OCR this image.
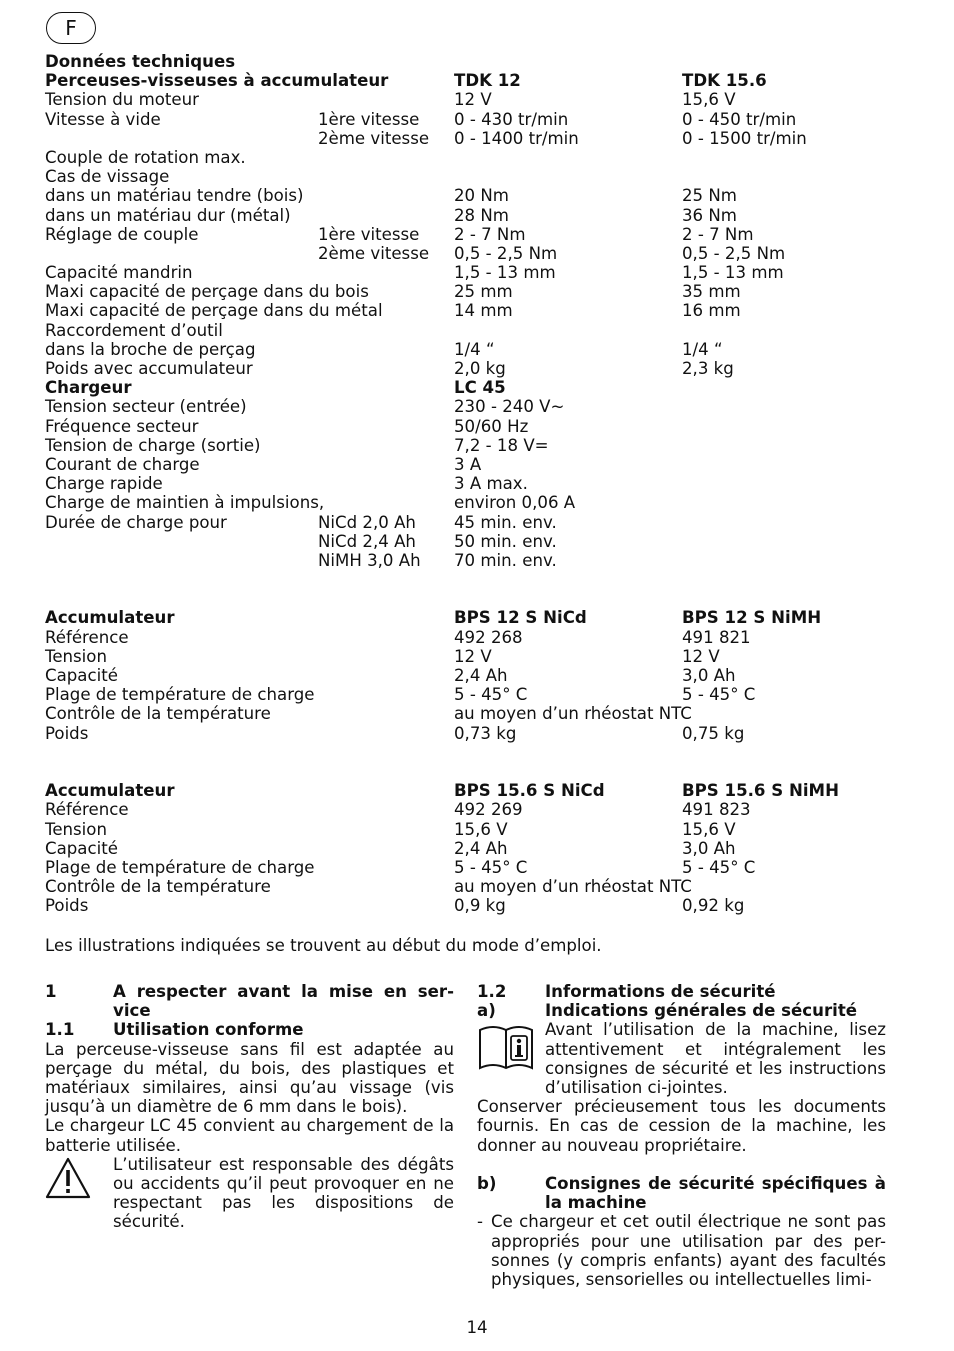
F
Données techniques
Perceuses-visseuses à accumulateur	TDK 12	TDK 15.6
Tension du moteur	12 V	15,6 V
Vitesse à vide	1ère vitesse 0 - 430 tr/min	0 - 450 tr/min
2ème vitesse 0 - 1400 tr/min	0 - 1500 tr/min
Couple de rotation max.
Cas de vissage
dans un matériau tendre (bois)	20 Nm	25 Nm
dans un matériau dur (métal)	28 Nm	36 Nm
Réglage de couple	1ère vitesse 2 - 7 Nm	2 - 7 Nm
2ème vitesse 0,5 - 2,5 Nm	0,5 - 2,5 Nm
Capacité mandrin	1,5 - 13 mm	1,5 - 13 mm
Maxi capacité de perçage dans du bois	25 mm	35 mm
Maxi capacité de perçage dans du métal	14 mm	16 mm
Raccordement d’outil
dans la broche de perçag	1/4 “	1/4 “
Poids avec accumulateur	2,0 kg	2,3 kg
Chargeur	LC 45
Tension secteur (entrée)	230 - 240 V~
Fréquence secteur	50/60 Hz
Tension de charge (sortie)	7,2 - 18 V=
Courant de charge	3 A
Charge rapide	3 A max.
Charge de maintien à impulsions,	environ 0,06 A
Durée de charge pour	NiCd 2,0 Ah 45 min. env.
NiCd 2,4 Ah 50 min. env.
NiMH 3,0 Ah 70 min. env.
Accumulateur	BPS 12 S NiCd	BPS 12 S NiMH
Référence	492 268	491 821
Tension	12 V	12 V
Capacité	2,4 Ah	3,0 Ah
Plage de température de charge	5 - 45° C	5 - 45° C
Contrôle de la température	au moyen d’un rhéostat NTC
Poids	0,73 kg	0,75 kg
Accumulateur	BPS 15.6 S NiCd	BPS 15.6 S NiMH
Référence	492 269	491 823
Tension	15,6 V	15,6 V
Capacité	2,4 Ah	3,0 Ah
Plage de température de charge	5 - 45° C	5 - 45° C
Contrôle de la température	au moyen d’un rhéostat NTC
Poids	0,9 kg	0,92 kg
Les illustrations indiquées se trouvent au début du mode d’emploi.
1	A respecter avant la mise en ser-vice
1.1 Utilisation conforme
La perceuse-visseuse sans fil est adaptée au perçage du métal, du bois, des plastiques et matériaux similaires, ainsi qu’au vissage (vis jusqu’à un diamètre de 6 mm dans le bois).
Le chargeur LC 45 convient au chargement de la batterie utilisée.
L’utilisateur est responsable des dégâts ou accidents qu’il peut provoquer en ne respectant pas les dispositions de sécurité.
1.2 Informations de sécurité
a)	Indications générales de sécurité
Avant l’utilisation de la machine, lisez attentivement et intégralement les consignes de sécurité et les instructions d’utilisation ci-jointes.
Conserver précieusement tous les documents fournis. En cas de cession de la machine, les donner au nouveau propriétaire.
b)	Consignes de sécurité spécifiques à la machine
- Ce chargeur et cet outil électrique ne sont pas appropriés pour une utilisation par des per-sonnes (y compris enfants) ayant des facultés physiques, sensorielles ou intellectuelles limi-
14
